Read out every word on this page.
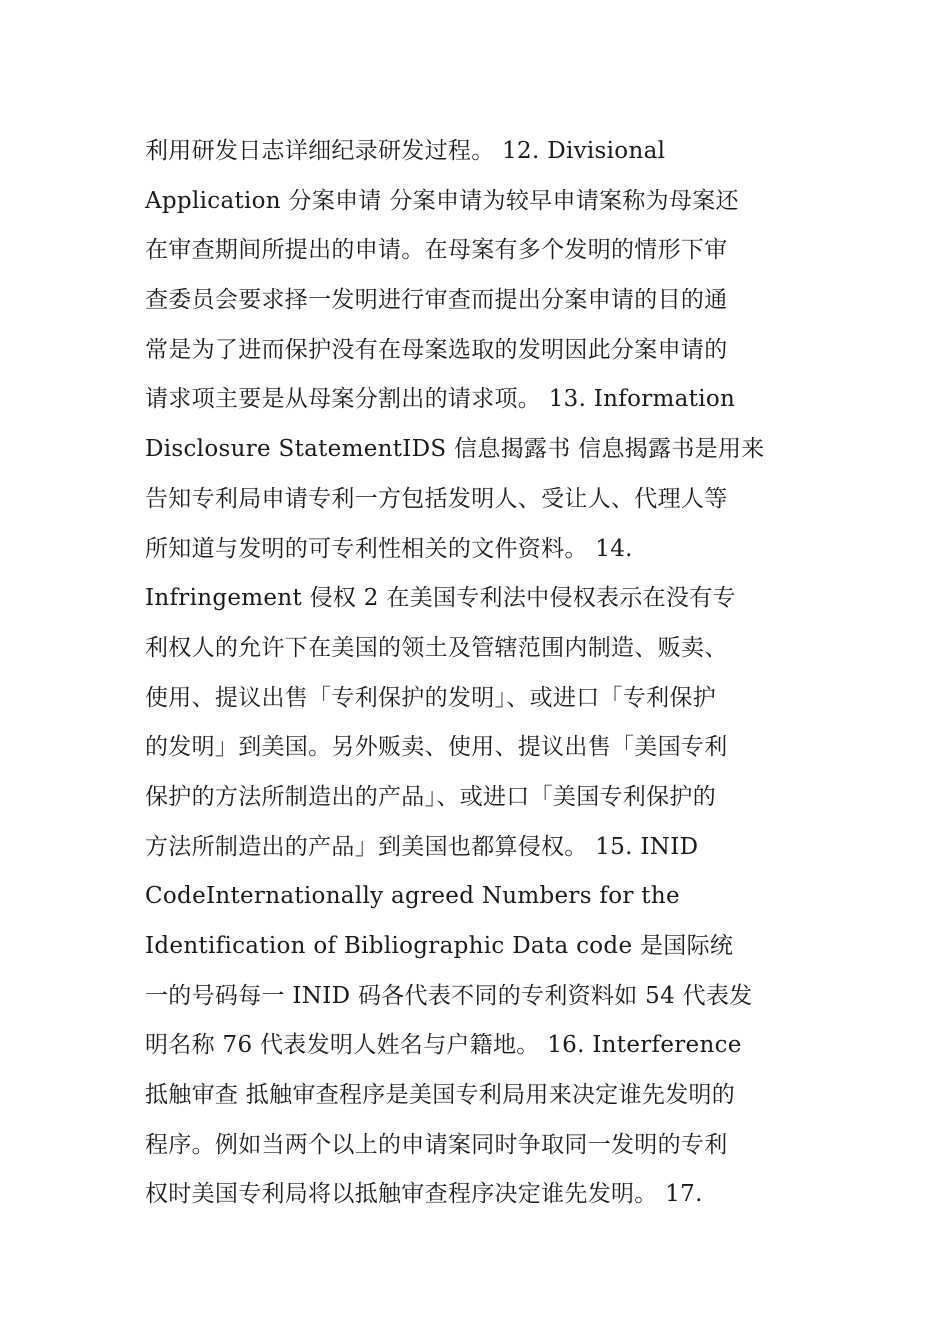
利用研发日志详细纪录研发过程。 12. Divisional
Application 分案申请 分案申请为较早申请案称为母案还
在审查期间所提出的申请。在母案有多个发明的情形下审
查委员会要求择一发明进行审查而提出分案申请的目的通
常是为了进而保护没有在母案选取的发明因此分案申请的
请求项主要是从母案分割出的请求项。 13. Information
Disclosure StatementIDS 信息揭露书 信息揭露书是用来
告知专利局申请专利一方包括发明人、受让人、代理人等
所知道与发明的可专利性相关的文件资料。 14.
Infringement 侵权 2 在美国专利法中侵权表示在没有专
利权人的允许下在美国的领土及管辖范围内制造、贩卖、
使用、提议出售「专利保护的发明」、或进口「专利保护
的发明」到美国。另外贩卖、使用、提议出售「美国专利
保护的方法所制造出的产品」、或进口「美国专利保护的
方法所制造出的产品」到美国也都算侵权。 15. INID
CodeInternationally agreed Numbers for the
Identification of Bibliographic Data code 是国际统
一的号码每一 INID 码各代表不同的专利资料如 54 代表发
明名称 76 代表发明人姓名与户籍地。 16. Interference
抵触审查 抵触审查程序是美国专利局用来决定谁先发明的
程序。例如当两个以上的申请案同时争取同一发明的专利
权时美国专利局将以抵触审查程序决定谁先发明。 17.
